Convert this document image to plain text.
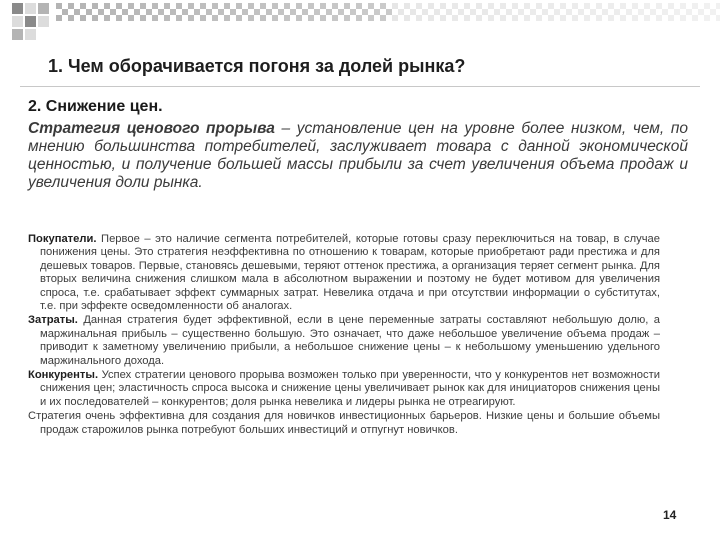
1. Чем оборачивается погоня за долей рынка?
2. Снижение цен.

Стратегия ценового прорыва – установление цен на уровне более низком, чем, по мнению большинства потребителей, заслуживает товара с данной экономической ценностью, и получение большей массы прибыли за счет увеличения объема продаж и увеличения доли рынка.

Покупатели. Первое – это наличие сегмента потребителей, которые готовы сразу переключиться на товар, в случае понижения цены. Это стратегия неэффективна по отношению к товарам, которые приобретают ради престижа и для дешевых товаров. Первые, становясь дешевыми, теряют оттенок престижа, а организация теряет сегмент рынка. Для вторых величина снижения слишком мала в абсолютном выражении и поэтому не будет мотивом для увеличения спроса, т.е. срабатывает эффект суммарных затрат. Невелика отдача и при отсутствии информации о субститутах, т.е. при эффекте осведомленности об аналогах.

Затраты. Данная стратегия будет эффективной, если в цене переменные затраты составляют небольшую долю, а маржинальная прибыль – существенно большую. Это означает, что даже небольшое увеличение объема продаж – приводит к заметному увеличению прибыли, а небольшое снижение цены – к небольшому уменьшению удельного маржинального дохода.

Конкуренты. Успех стратегии ценового прорыва возможен только при уверенности, что у конкурентов нет возможности снижения цен; эластичность спроса высока и снижение цены увеличивает рынок как для инициаторов снижения цены и их последователей – конкурентов; доля рынка невелика и лидеры рынка не отреагируют.

Стратегия очень эффективна для создания для новичков инвестиционных барьеров. Низкие цены и большие объемы продаж старожилов рынка потребуют больших инвестиций и отпугнут новичков.

14
